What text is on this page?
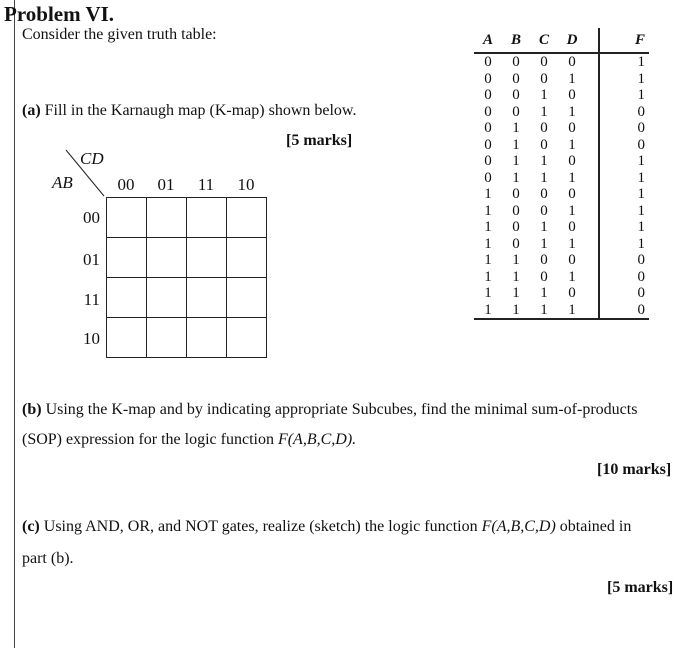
Problem VI.
Consider the given truth table:
(a) Fill in the Karnaugh map (K-map) shown below.
[5 marks]
CD
AB	00	01	11	10
00
01
11
10
A	B	C	D		F
0	0	0	0		1
0	0	0	1		1
0	0	1	0		1
0	0	1	1		0
0	1	0	0		0
0	1	0	1		0
0	1	1	0		1
0	1	1	1		1
1	0	0	0		1
1	0	0	1		1
1	0	1	0		1
1	0	1	1		1
1	1	0	0		0
1	1	0	1		0
1	1	1	0		0
1	1	1	1		0
(b) Using the K-map and by indicating appropriate Subcubes, find the minimal sum-of-products
(SOP) expression for the logic function F(A,B,C,D).
[10 marks]
(c) Using AND, OR, and NOT gates, realize (sketch) the logic function F(A,B,C,D) obtained in
part (b).
[5 marks]
